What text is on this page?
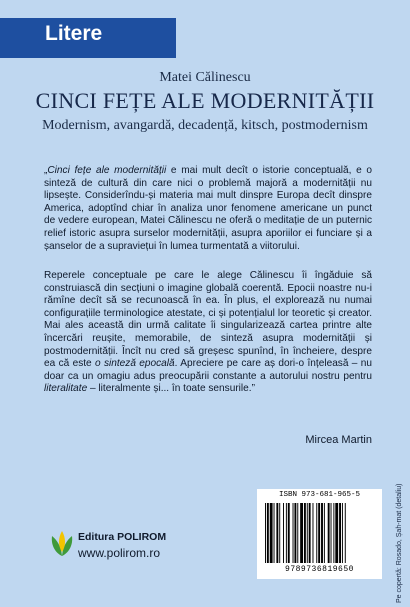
Litere
Matei Călinescu
CINCI FEȚE ALE MODERNITĂȚII
Modernism, avangardă, decadență, kitsch, postmodernism

„Cinci fețe ale modernității e mai mult decît o istorie conceptuală, e o sinteză de cultură din care nici o problemă majoră a modernității nu lipsește. Considerîndu-și materia mai mult dinspre Europa decît dinspre America, adoptînd chiar în analiza unor fenomene americane un punct de vedere european, Matei Călinescu ne oferă o meditație de un puternic relief istoric asupra surselor modernității, asupra aporiilor ei funciare și a șanselor de a supraviețui în lumea turmentată a viitorului.

Reperele conceptuale pe care le alege Călinescu îi îngăduie să construiască din secțiuni o imagine globală coerentă. Epocii noastre nu-i rămîne decît să se recunoască în ea. În plus, el explorează nu numai configurațiile terminologice atestate, ci și potențialul lor teoretic și creator. Mai ales această din urmă calitate îi singularizează cartea printre alte încercări reușite, memorabile, de sinteză asupra modernității și postmodernității. Încît nu cred să greșesc spunînd, în încheiere, despre ea că este o sinteză epocală. Apreciere pe care aș dori-o înțeleasă – nu doar ca un omagiu adus preocupării constante a autorului nostru pentru literalitate – literalmente și... în toate sensurile.”

Mircea Martin
Pe copertă: Rosado, Șah-mat (detaliu)
ISBN 973-681-965-5
9789736819650
Editura POLIROM
www.polirom.ro
